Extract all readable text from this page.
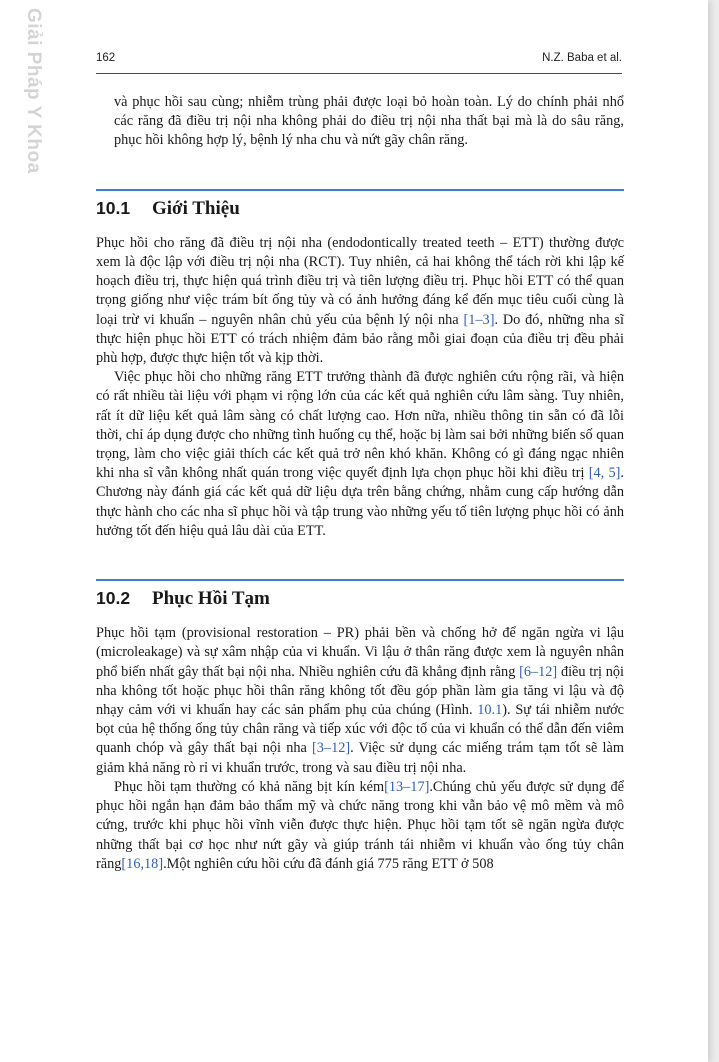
Giải Pháp Y Khoa	162	N.Z. Baba et al.

và phục hồi sau cùng; nhiễm trùng phải được loại bỏ hoàn toàn. Lý do chính phải nhổ các răng đã điều trị nội nha không phải do điều trị nội nha thất bại mà là do sâu răng, phục hồi không hợp lý, bệnh lý nha chu và nứt gãy chân răng.

10.1	Giới Thiệu

Phục hồi cho răng đã điều trị nội nha (endodontically treated teeth – ETT) thường được xem là độc lập với điều trị nội nha (RCT). Tuy nhiên, cả hai không thể tách rời khi lập kế hoạch điều trị, thực hiện quá trình điều trị và tiên lượng điều trị. Phục hồi ETT có thể quan trọng giống như việc trám bít ống tủy và có ảnh hưởng đáng kể đến mục tiêu cuối cùng là loại trừ vi khuẩn – nguyên nhân chủ yếu của bệnh lý nội nha [1–3]. Do đó, những nha sĩ thực hiện phục hồi ETT có trách nhiệm đảm bảo rằng mỗi giai đoạn của điều trị đều phải phù hợp, được thực hiện tốt và kịp thời.

Việc phục hồi cho những răng ETT trưởng thành đã được nghiên cứu rộng rãi, và hiện có rất nhiều tài liệu với phạm vi rộng lớn của các kết quả nghiên cứu lâm sàng. Tuy nhiên, rất ít dữ liệu kết quả lâm sàng có chất lượng cao. Hơn nữa, nhiều thông tin sẵn có đã lỗi thời, chỉ áp dụng được cho những tình huống cụ thể, hoặc bị làm sai bởi những biến số quan trọng, làm cho việc giải thích các kết quả trở nên khó khăn. Không có gì đáng ngạc nhiên khi nha sĩ vẫn không nhất quán trong việc quyết định lựa chọn phục hồi khi điều trị [4, 5]. Chương này đánh giá các kết quả dữ liệu dựa trên bằng chứng, nhằm cung cấp hướng dẫn thực hành cho các nha sĩ phục hồi và tập trung vào những yếu tố tiên lượng phục hồi có ảnh hưởng tốt đến hiệu quả lâu dài của ETT.

10.2	Phục Hồi Tạm

Phục hồi tạm (provisional restoration – PR) phải bền và chống hở để ngăn ngừa vi lậu (microleakage) và sự xâm nhập của vi khuẩn. Vi lậu ở thân răng được xem là nguyên nhân phổ biến nhất gây thất bại nội nha. Nhiều nghiên cứu đã khẳng định rằng [6–12] điều trị nội nha không tốt hoặc phục hồi thân răng không tốt đều góp phần làm gia tăng vi lậu và độ nhạy cảm với vi khuẩn hay các sản phẩm phụ của chúng (Hình. 10.1). Sự tái nhiễm nước bọt của hệ thống ống tủy chân răng và tiếp xúc với độc tố của vi khuẩn có thể dẫn đến viêm quanh chóp và gây thất bại nội nha [3–12]. Việc sử dụng các miếng trám tạm tốt sẽ làm giảm khả năng rò rỉ vi khuẩn trước, trong và sau điều trị nội nha.

Phục hồi tạm thường có khả năng bịt kín kém[13–17].Chúng chủ yếu được sử dụng để phục hồi ngắn hạn đảm bảo thẩm mỹ và chức năng trong khi vẫn bảo vệ mô mềm và mô cứng, trước khi phục hồi vĩnh viễn được thực hiện. Phục hồi tạm tốt sẽ ngăn ngừa được những thất bại cơ học như nứt gãy và giúp tránh tái nhiễm vi khuẩn vào ống tủy chân răng[16,18].Một nghiên cứu hồi cứu đã đánh giá 775 răng ETT ở 508
